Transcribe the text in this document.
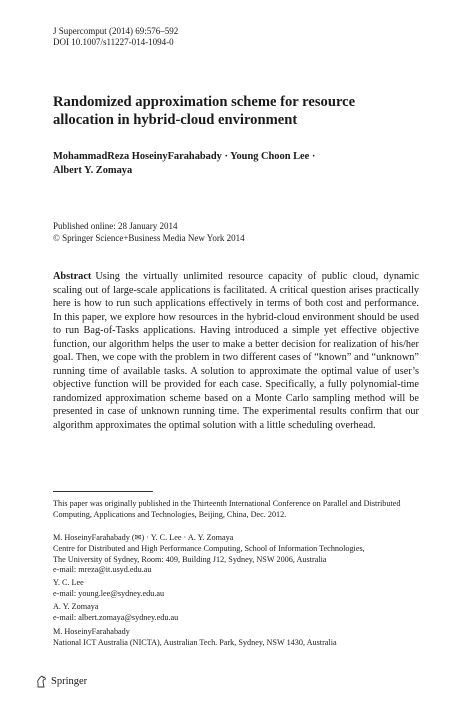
J Supercomput (2014) 69:576–592
DOI 10.1007/s11227-014-1094-0
Randomized approximation scheme for resource
allocation in hybrid-cloud environment
MohammadReza HoseinyFarahabady · Young Choon Lee ·
Albert Y. Zomaya
Published online: 28 January 2014
© Springer Science+Business Media New York 2014
Abstract Using the virtually unlimited resource capacity of public cloud, dynamic scaling out of large-scale applications is facilitated. A critical question arises practically here is how to run such applications effectively in terms of both cost and performance. In this paper, we explore how resources in the hybrid-cloud environment should be used to run Bag-of-Tasks applications. Having introduced a simple yet effective objective function, our algorithm helps the user to make a better decision for realization of his/her goal. Then, we cope with the problem in two different cases of “known” and “unknown” running time of available tasks. A solution to approximate the optimal value of user’s objective function will be provided for each case. Specifically, a fully polynomial-time randomized approximation scheme based on a Monte Carlo sampling method will be presented in case of unknown running time. The experimental results confirm that our algorithm approximates the optimal solution with a little scheduling overhead.
This paper was originally published in the Thirteenth International Conference on Parallel and Distributed
Computing, Applications and Technologies, Beijing, China, Dec. 2012.
M. HoseinyFarahabady (✉) · Y. C. Lee · A. Y. Zomaya
Centre for Distributed and High Performance Computing, School of Information Technologies,
The University of Sydney, Room: 409, Building J12, Sydney, NSW 2006, Australia
e-mail: mreza@it.usyd.edu.au
Y. C. Lee
e-mail: young.lee@sydney.edu.au
A. Y. Zomaya
e-mail: albert.zomaya@sydney.edu.au
M. HoseinyFarahabady
National ICT Australia (NICTA), Australian Tech. Park, Sydney, NSW 1430, Australia
Springer
